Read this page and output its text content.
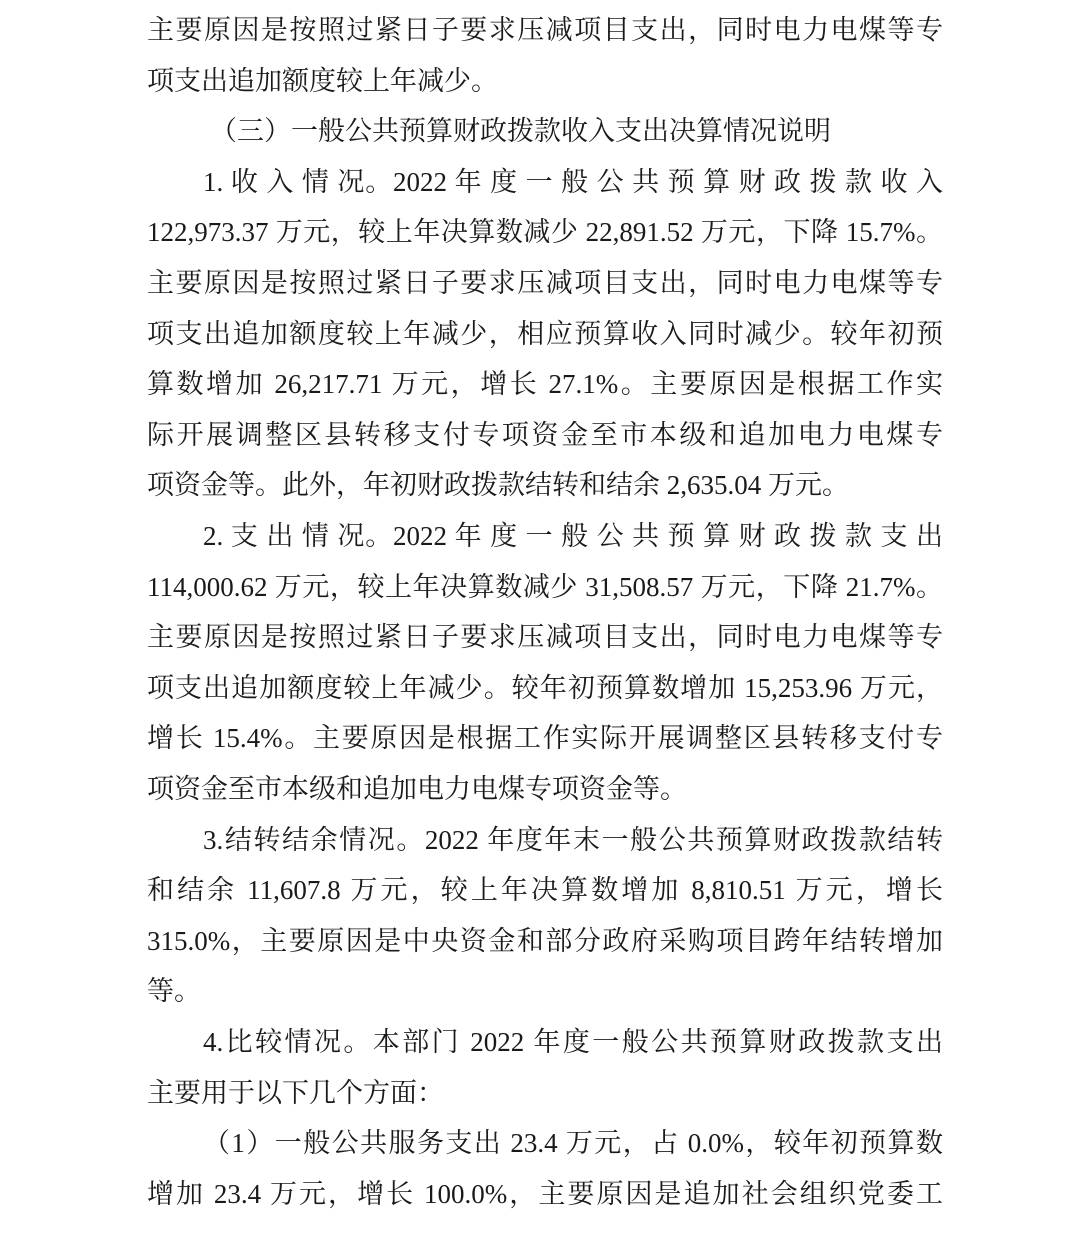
主要原因是按照过紧日子要求压减项目支出，同时电力电煤等专
项支出追加额度较上年减少。
（三）一般公共预算财政拨款收入支出决算情况说明
1. 收 入 情 况。2022 年 度 一 般 公 共 预 算 财 政 拨 款 收 入
122,973.37 万元，较上年决算数减少 22,891.52 万元，下降 15.7%。
主要原因是按照过紧日子要求压减项目支出，同时电力电煤等专
项支出追加额度较上年减少，相应预算收入同时减少。较年初预
算数增加 26,217.71 万元，增长 27.1%。主要原因是根据工作实
际开展调整区县转移支付专项资金至市本级和追加电力电煤专
项资金等。此外，年初财政拨款结转和结余 2,635.04 万元。
2. 支 出 情 况。2022 年 度 一 般 公 共 预 算 财 政 拨 款 支 出
114,000.62 万元，较上年决算数减少 31,508.57 万元，下降 21.7%。
主要原因是按照过紧日子要求压减项目支出，同时电力电煤等专
项支出追加额度较上年减少。较年初预算数增加 15,253.96 万元，
增长 15.4%。主要原因是根据工作实际开展调整区县转移支付专
项资金至市本级和追加电力电煤专项资金等。
3.结转结余情况。2022 年度年末一般公共预算财政拨款结转
和结余 11,607.8 万元，较上年决算数增加 8,810.51 万元，增长
315.0%，主要原因是中央资金和部分政府采购项目跨年结转增加
等。
4.比较情况。本部门 2022 年度一般公共预算财政拨款支出
主要用于以下几个方面：
（1）一般公共服务支出 23.4 万元，占 0.0%，较年初预算数
增加 23.4 万元，增长 100.0%，主要原因是追加社会组织党委工
